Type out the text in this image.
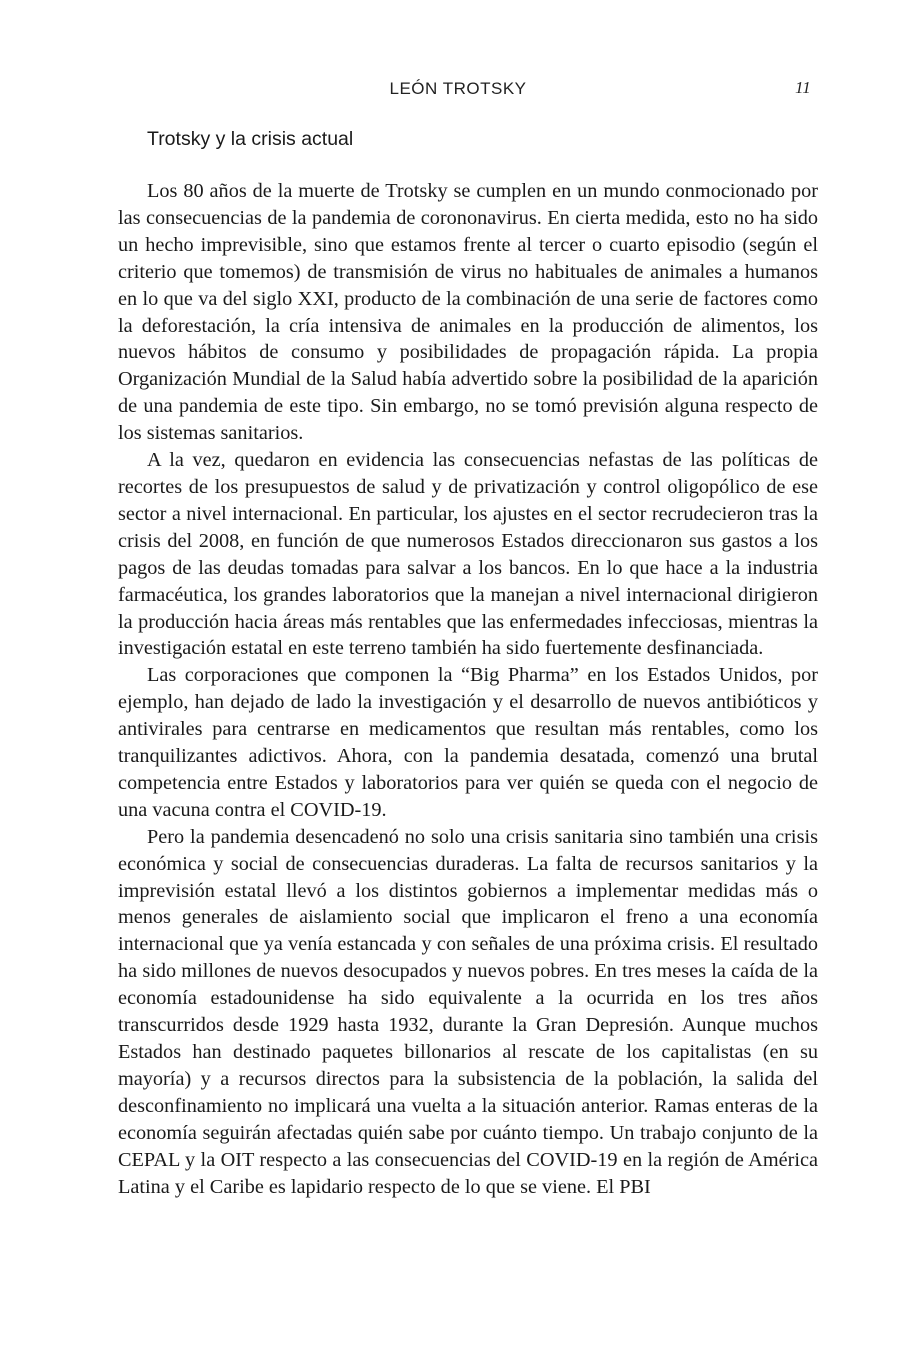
LEÓN TROTSKY	11
Trotsky y la crisis actual

Los 80 años de la muerte de Trotsky se cumplen en un mundo conmocionado por las consecuencias de la pandemia de corononavirus. En cierta medida, esto no ha sido un hecho imprevisible, sino que estamos frente al tercer o cuarto episodio (según el criterio que tomemos) de transmisión de virus no habituales de animales a humanos en lo que va del siglo XXI, producto de la combinación de una serie de factores como la deforestación, la cría intensiva de animales en la producción de alimentos, los nuevos hábitos de consumo y posibilidades de propagación rápida. La propia Organización Mundial de la Salud había advertido sobre la posibilidad de la aparición de una pandemia de este tipo. Sin embargo, no se tomó previsión alguna respecto de los sistemas sanitarios.

A la vez, quedaron en evidencia las consecuencias nefastas de las políticas de recortes de los presupuestos de salud y de privatización y control oligopólico de ese sector a nivel internacional. En particular, los ajustes en el sector recrudecieron tras la crisis del 2008, en función de que numerosos Estados direccionaron sus gastos a los pagos de las deudas tomadas para salvar a los bancos. En lo que hace a la industria farmacéutica, los grandes laboratorios que la manejan a nivel internacional dirigieron la producción hacia áreas más rentables que las enfermedades infecciosas, mientras la investigación estatal en este terreno también ha sido fuertemente desfinanciada.

Las corporaciones que componen la “Big Pharma” en los Estados Unidos, por ejemplo, han dejado de lado la investigación y el desarrollo de nuevos antibióticos y antivirales para centrarse en medicamentos que resultan más rentables, como los tranquilizantes adictivos. Ahora, con la pandemia desatada, comenzó una brutal competencia entre Estados y laboratorios para ver quién se queda con el negocio de una vacuna contra el COVID-19.

Pero la pandemia desencadenó no solo una crisis sanitaria sino también una crisis económica y social de consecuencias duraderas. La falta de recursos sanitarios y la imprevisión estatal llevó a los distintos gobiernos a implementar medidas más o menos generales de aislamiento social que implicaron el freno a una economía internacional que ya venía estancada y con señales de una próxima crisis. El resultado ha sido millones de nuevos desocupados y nuevos pobres. En tres meses la caída de la economía estadounidense ha sido equivalente a la ocurrida en los tres años transcurridos desde 1929 hasta 1932, durante la Gran Depresión. Aunque muchos Estados han destinado paquetes billonarios al rescate de los capitalistas (en su mayoría) y a recursos directos para la subsistencia de la población, la salida del desconfinamiento no implicará una vuelta a la situación anterior. Ramas enteras de la economía seguirán afectadas quién sabe por cuánto tiempo. Un trabajo conjunto de la CEPAL y la OIT respecto a las consecuencias del COVID-19 en la región de América Latina y el Caribe es lapidario respecto de lo que se viene. El PBI
